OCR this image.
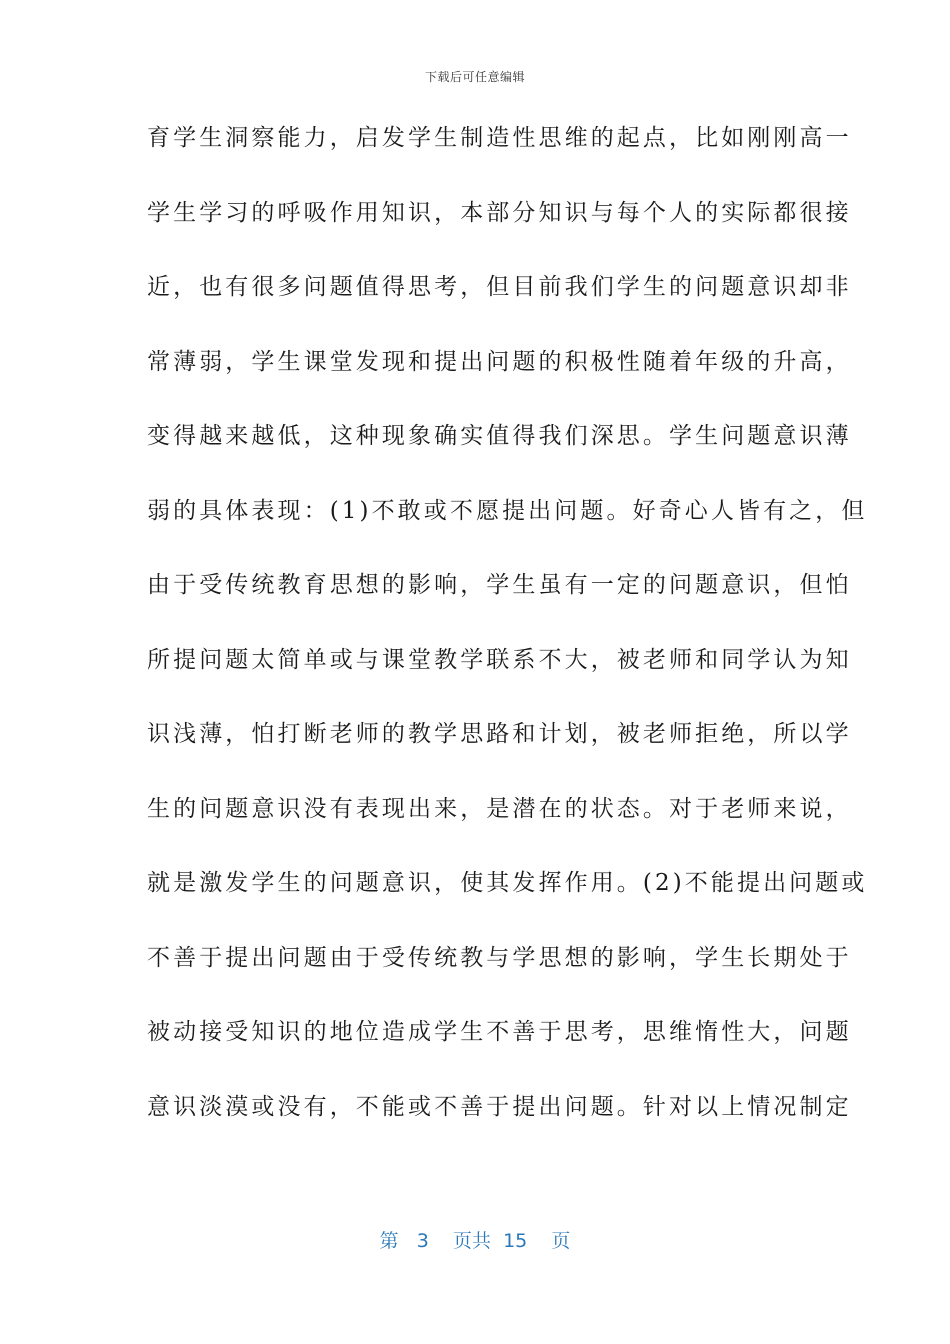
下载后可任意编辑
育学生洞察能力，启发学生制造性思维的起点，比如刚刚高一
学生学习的呼吸作用知识，本部分知识与每个人的实际都很接
近，也有很多问题值得思考，但目前我们学生的问题意识却非
常薄弱，学生课堂发现和提出问题的积极性随着年级的升高，
变得越来越低，这种现象确实值得我们深思。学生问题意识薄
弱的具体表现：(1)不敢或不愿提出问题。好奇心人皆有之，但
由于受传统教育思想的影响，学生虽有一定的问题意识，但怕
所提问题太简单或与课堂教学联系不大，被老师和同学认为知
识浅薄，怕打断老师的教学思路和计划，被老师拒绝，所以学
生的问题意识没有表现出来，是潜在的状态。对于老师来说，
就是激发学生的问题意识，使其发挥作用。(2)不能提出问题或
不善于提出问题由于受传统教与学思想的影响，学生长期处于
被动接受知识的地位造成学生不善于思考，思维惰性大，问题
意识淡漠或没有，不能或不善于提出问题。针对以上情况制定
第 3 页共 15 页
